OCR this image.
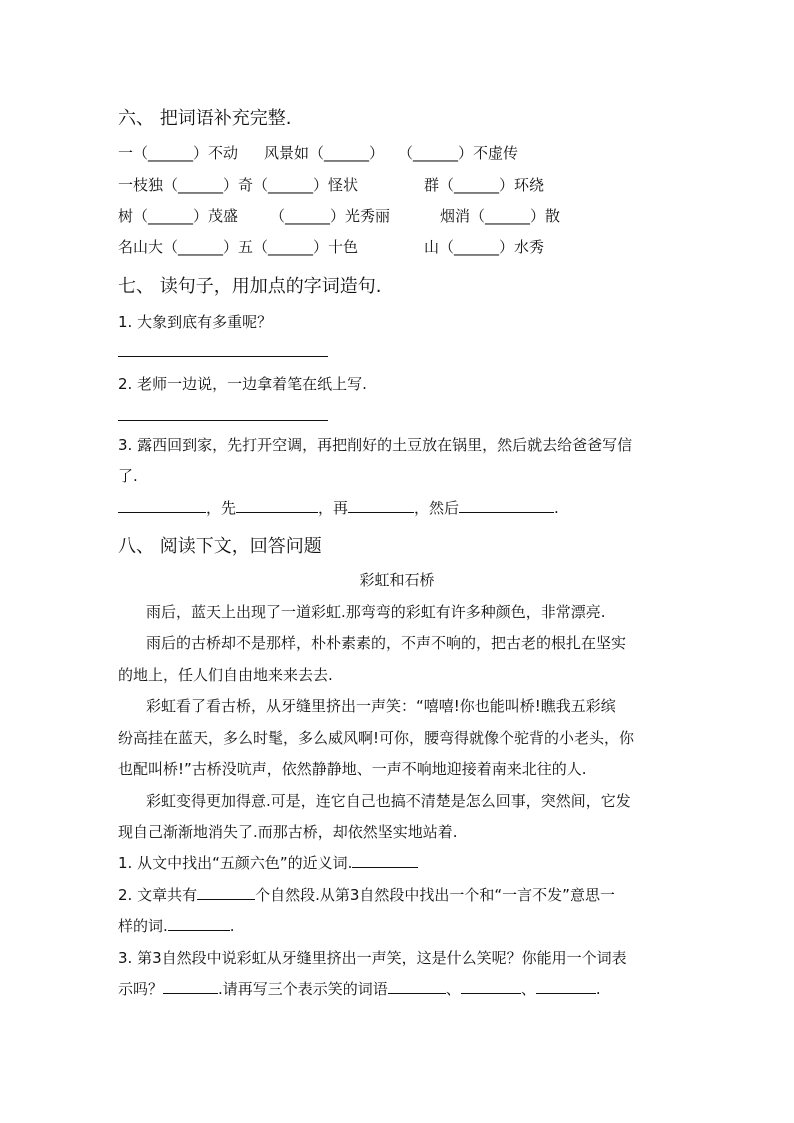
六、 把词语补充完整.
一（______）不动 风景如（______） （______）不虚传
一枝独（______）奇（______）怪状	群（______）环绕
树（______）茂盛 （______）光秀丽	烟消（______）散
名山大（______）五（______）十色	山（______）水秀
七、 读句子，用加点的字词造句.
1. 大象到底有多重呢？
2. 老师一边说，一边拿着笔在纸上写.
3. 露西回到家，先打开空调，再把削好的土豆放在锅里，然后就去给爸爸写信
了.
，先	，再	，然后	.
八、 阅读下文，回答问题
彩虹和石桥
雨后，蓝天上出现了一道彩虹.那弯弯的彩虹有许多种颜色，非常漂亮.
雨后的古桥却不是那样，朴朴素素的，不声不响的，把古老的根扎在坚实
的地上，任人们自由地来来去去.
彩虹看了看古桥，从牙缝里挤出一声笑：“嘻嘻!你也能叫桥!瞧我五彩缤
纷高挂在蓝天，多么时髦，多么威风啊!可你，腰弯得就像个驼背的小老头，你
也配叫桥!”古桥没吭声，依然静静地、一声不响地迎接着南来北往的人.
彩虹变得更加得意.可是，连它自己也搞不清楚是怎么回事，突然间，它发
现自己渐渐地消失了.而那古桥，却依然坚实地站着.
1. 从文中找出“五颜六色”的近义词.
2. 文章共有	个自然段.从第3自然段中找出一个和“一言不发”意思一
样的词.	.
3. 第3自然段中说彩虹从牙缝里挤出一声笑，这是什么笑呢？你能用一个词表
示吗？	.请再写三个表示笑的词语	、	、	.
